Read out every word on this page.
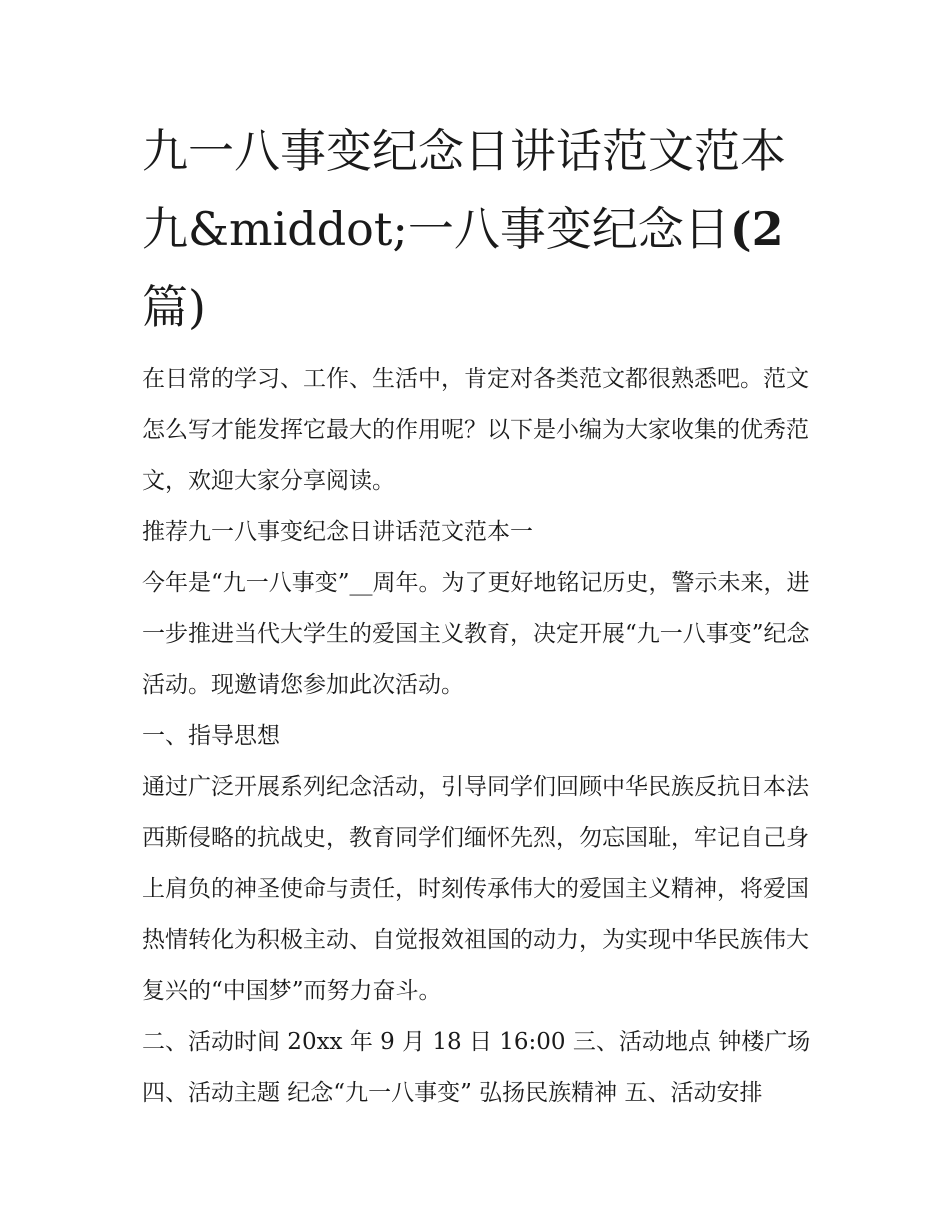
九一八事变纪念日讲话范文范本 九&middot;一八事变纪念日(2 篇)

在日常的学习、工作、生活中，肯定对各类范文都很熟悉吧。范文怎么写才能发挥它最大的作用呢？以下是小编为大家收集的优秀范文，欢迎大家分享阅读。

推荐九一八事变纪念日讲话范文范本一

今年是“九一八事变”__周年。为了更好地铭记历史，警示未来，进一步推进当代大学生的爱国主义教育，决定开展“九一八事变”纪念活动。现邀请您参加此次活动。

一、指导思想

通过广泛开展系列纪念活动，引导同学们回顾中华民族反抗日本法西斯侵略的抗战史，教育同学们缅怀先烈，勿忘国耻，牢记自己身上肩负的神圣使命与责任，时刻传承伟大的爱国主义精神，将爱国热情转化为积极主动、自觉报效祖国的动力，为实现中华民族伟大复兴的“中国梦”而努力奋斗。

二、活动时间 20xx 年 9 月 18 日 16:00 三、活动地点 钟楼广场

四、活动主题 纪念“九一八事变” 弘扬民族精神 五、活动安排
